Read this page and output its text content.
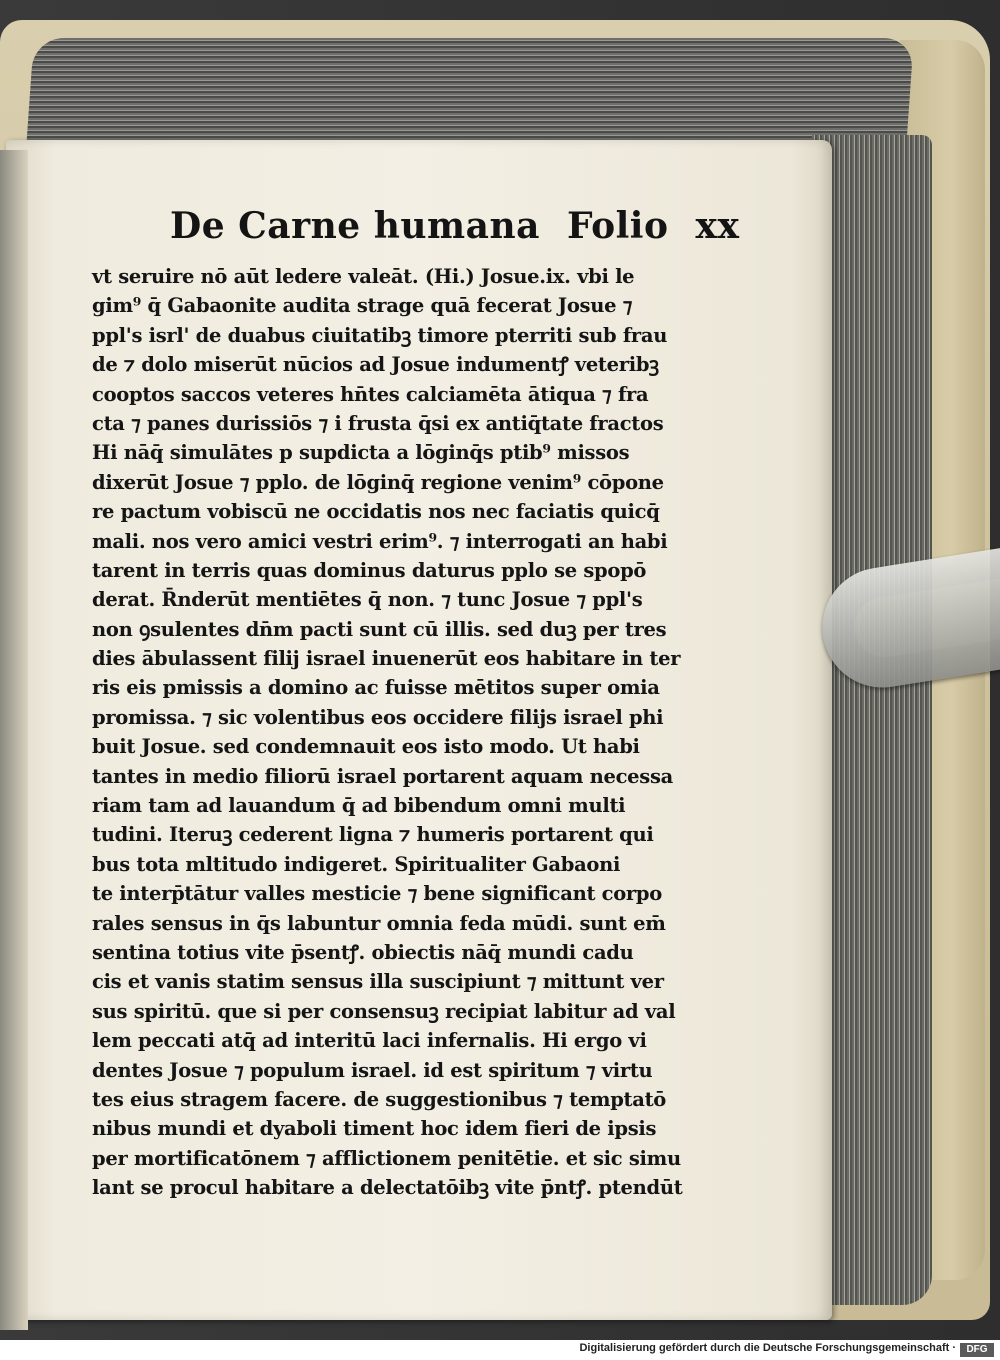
De Carne humana Folio xx
vt seruire nō aūt ledere valeāt. (Hi.) Josue.ix. vbi le
gim⁹ q̄ Gabaonite audita strage quā fecerat Josue ⁊
ppl's isrl' de duabus ciuitatibꝫ timore pterriti sub frau
de ⁊ dolo miserūt nūcios ad Josue indumentꝭ veteribꝫ
cooptos saccos veteres hn̄tes calciamēta ātiqua ⁊ fra
cta ⁊ panes durissiōs ⁊ i frusta q̄si ex antiq̄tate fractos
Hi nāq̄ simulātes p supdicta a lōginq̄s ptib⁹ missos
dixerūt Josue ⁊ pplo. de lōginq̄ regione venim⁹ cōpone
re pactum vobiscū ne occidatis nos nec faciatis quicq̄
mali. nos vero amici vestri erim⁹. ⁊ interrogati an habi
tarent in terris quas dominus daturus pplo se spopō
derat. R̄nderūt mentiētes q̄ non. ⁊ tunc Josue ⁊ ppl's
non ꝯsulentes dn̄m pacti sunt cū illis. sed duꝫ per tres
dies ābulassent filij israel inuenerūt eos habitare in ter
ris eis pmissis a domino ac fuisse mētitos super omia
promissa. ⁊ sic volentibus eos occidere filijs israel phi
buit Josue. sed condemnauit eos isto modo. Ut habi
tantes in medio filiorū israel portarent aquam necessa
riam tam ad lauandum q̄ ad bibendum omni multi
tudini. Iteruꝫ cederent ligna ⁊ humeris portarent qui
bus tota mltitudo indigeret. Spiritualiter Gabaoni
te interp̄tātur valles mesticie ⁊ bene significant corpo
rales sensus in q̄s labuntur omnia feda mūdi. sunt em̄
sentina totius vite p̄sentꝭ. obiectis nāq̄ mundi cadu
cis et vanis statim sensus illa suscipiunt ⁊ mittunt ver
sus spiritū. que si per consensuꝫ recipiat labitur ad val
lem peccati atq̄ ad interitū laci infernalis. Hi ergo vi
dentes Josue ⁊ populum israel. id est spiritum ⁊ virtu
tes eius stragem facere. de suggestionibus ⁊ temptatō
nibus mundi et dyaboli timent hoc idem fieri de ipsis
per mortificatōnem ⁊ afflictionem penitētie. et sic simu
lant se procul habitare a delectatōibꝫ vite p̄ntꝭ. ptendūt
Digitalisierung gefördert durch die Deutsche Forschungsgemeinschaft ·	DFG
